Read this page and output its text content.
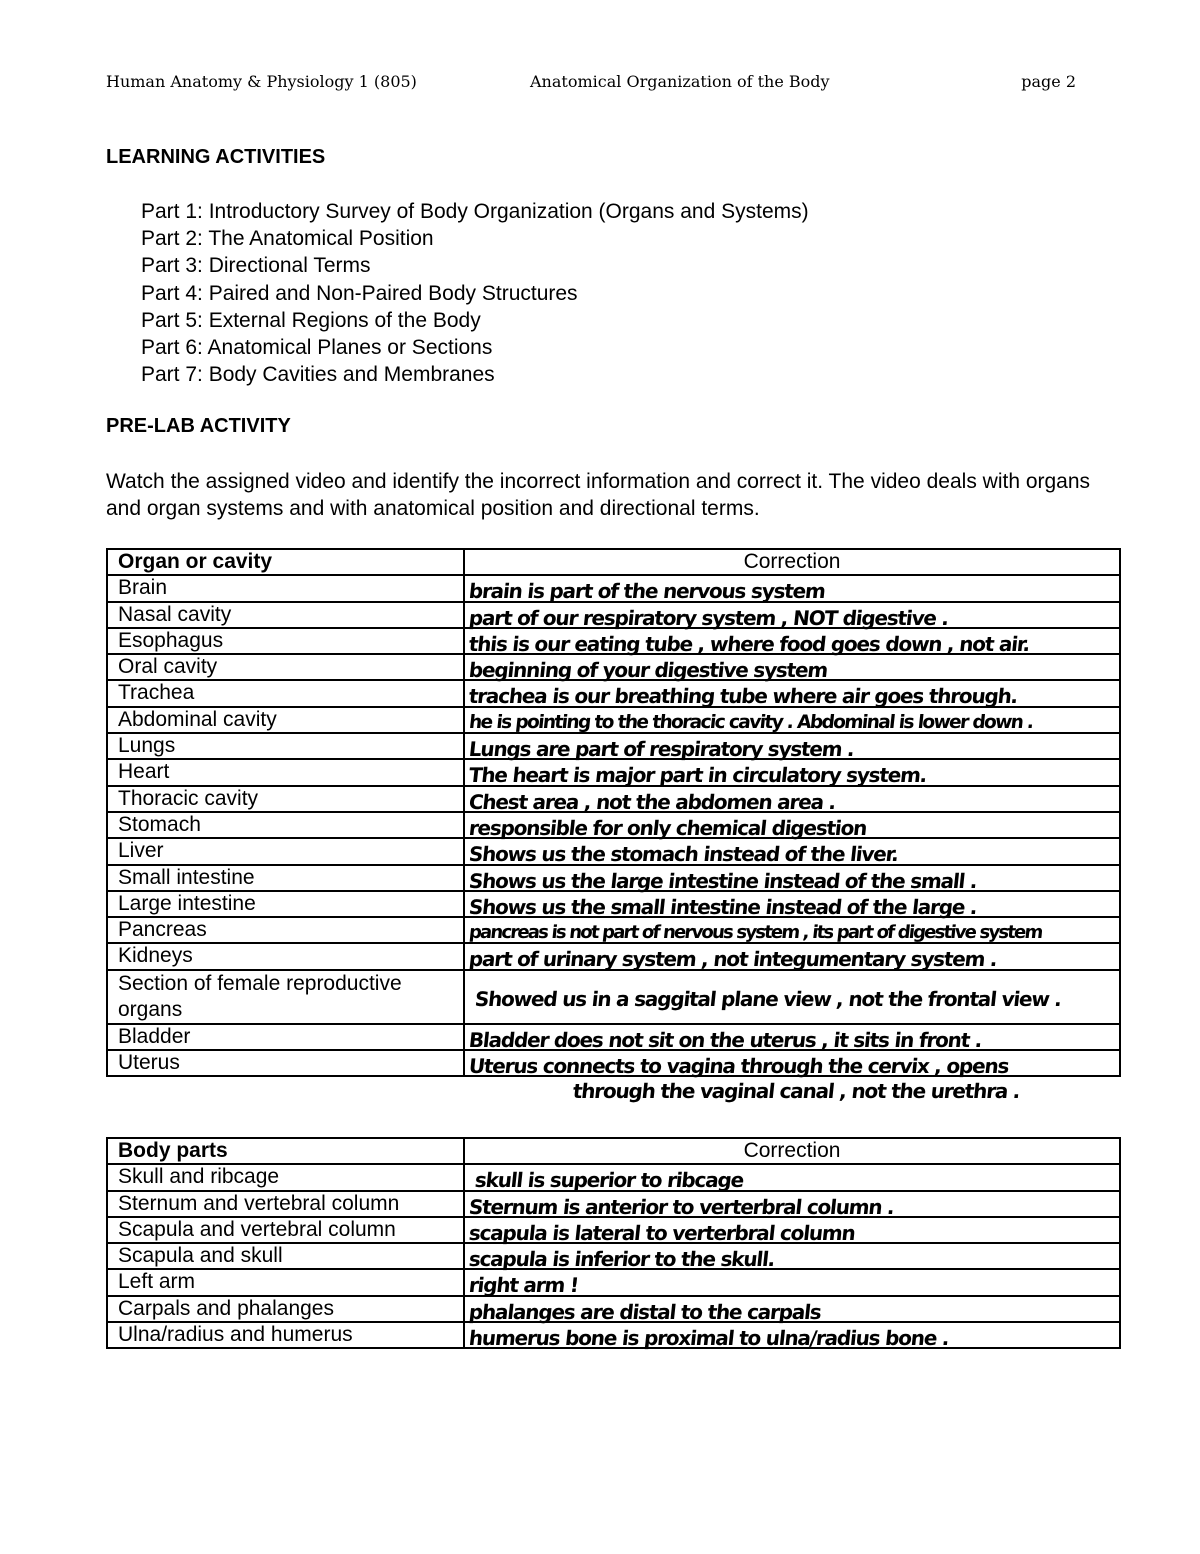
Human Anatomy & Physiology 1 (805)	Anatomical Organization of the Body	page 2
LEARNING ACTIVITIES
Part 1: Introductory Survey of Body Organization (Organs and Systems)
Part 2: The Anatomical Position
Part 3: Directional Terms
Part 4: Paired and Non-Paired Body Structures
Part 5: External Regions of the Body
Part 6: Anatomical Planes or Sections
Part 7: Body Cavities and Membranes
PRE-LAB ACTIVITY

Watch the assigned video and identify the incorrect information and correct it. The video deals with organs and organ systems and with anatomical position and directional terms.

Organ or cavity	Correction
Brain	brain is part of the nervous system

Nasal cavity	part of our respiratory system , NOT digestive .

Esophagus	this is our eating tube , where food goes down , not air.

Oral cavity	beginning of your digestive system

Trachea	trachea is our breathing tube where air goes through.

Abdominal cavity	he is pointing to the thoracic cavity . Abdominal is lower down .

Lungs	Lungs are part of respiratory system .

Heart	The heart is major part in circulatory system.

Thoracic cavity	Chest area , not the abdomen area .

Stomach	responsible for only chemical digestion

Liver	Shows us the stomach instead of the liver.

Small intestine	Shows us the large intestine instead of the small .

Large intestine	Shows us the small intestine instead of the large .

Pancreas	pancreas is not part of nervous system , its part of digestive system

Kidneys	part of urinary system , not integumentary system .

Section of female reproductive organs	Showed us in a saggital plane view , not the frontal view .

Bladder	Bladder does not sit on the uterus , it sits in front .

Uterus	Uterus connects to vagina through the cervix , opens
through the vaginal canal , not the urethra .
Body parts	Correction
Skull and ribcage	skull is superior to ribcage

Sternum and vertebral column	Sternum is anterior to verterbral column .

Scapula and vertebral column	scapula is lateral to verterbral column

Scapula and skull	scapula is inferior to the skull.

Left arm	right arm !

Carpals and phalanges	phalanges are distal to the carpals

Ulna/radius and humerus	humerus bone is proximal to ulna/radius bone .
